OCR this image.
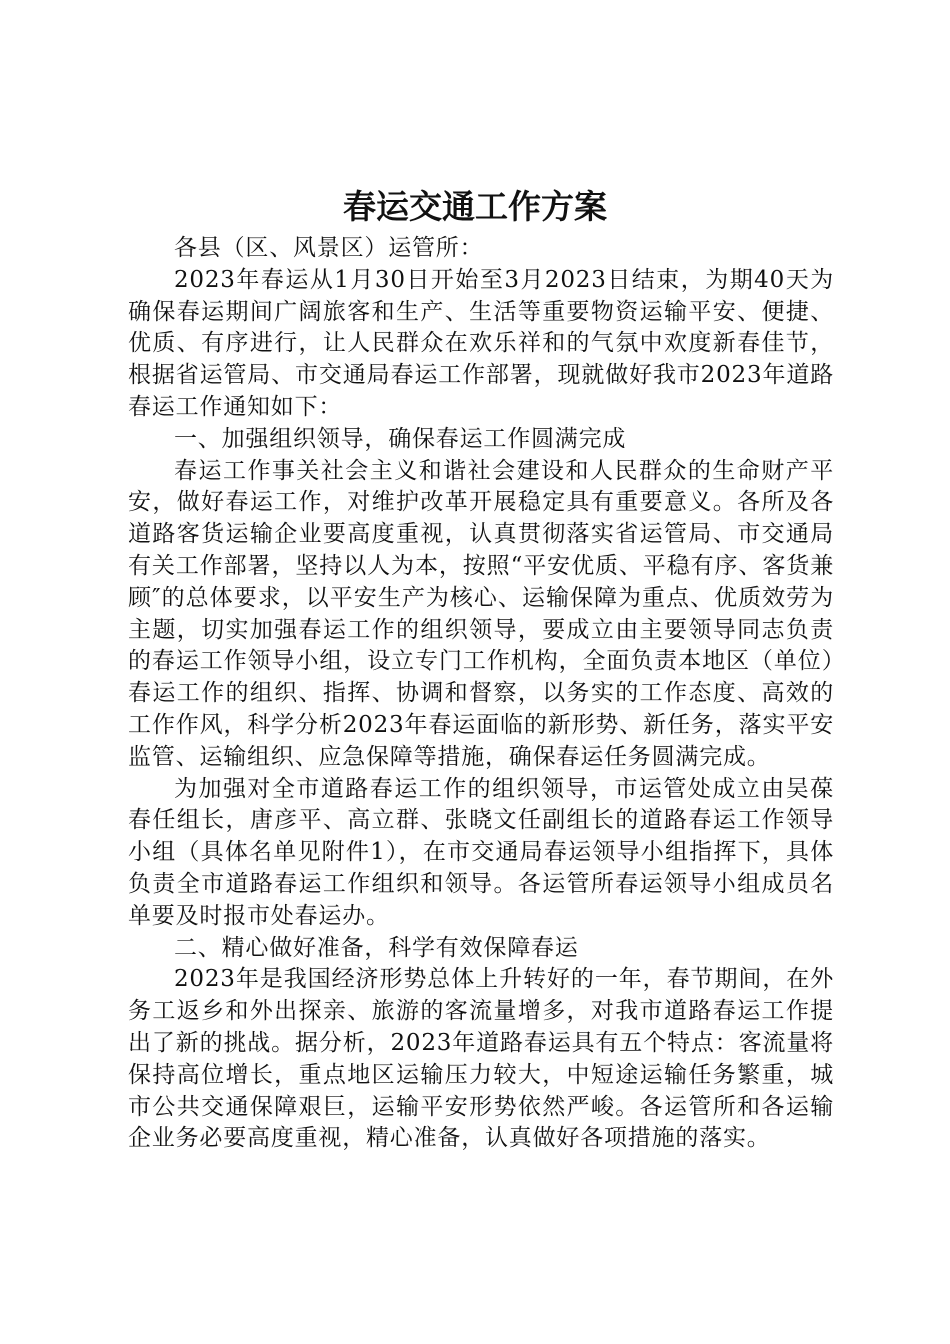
春运交通工作方案

各县（区、风景区）运管所：

2023年春运从1月30日开始至3月2023日结束，为期40天为确保春运期间广阔旅客和生产、生活等重要物资运输平安、便捷、优质、有序进行，让人民群众在欢乐祥和的气氛中欢度新春佳节，根据省运管局、市交通局春运工作部署，现就做好我市2023年道路春运工作通知如下：

一、加强组织领导，确保春运工作圆满完成

春运工作事关社会主义和谐社会建设和人民群众的生命财产平安，做好春运工作，对维护改革开展稳定具有重要意义。各所及各道路客货运输企业要高度重视，认真贯彻落实省运管局、市交通局有关工作部署，坚持以人为本，按照“平安优质、平稳有序、客货兼顾″的总体要求，以平安生产为核心、运输保障为重点、优质效劳为主题，切实加强春运工作的组织领导，要成立由主要领导同志负责的春运工作领导小组，设立专门工作机构，全面负责本地区（单位）春运工作的组织、指挥、协调和督察，以务实的工作态度、高效的工作作风，科学分析2023年春运面临的新形势、新任务，落实平安监管、运输组织、应急保障等措施，确保春运任务圆满完成。

为加强对全市道路春运工作的组织领导，市运管处成立由吴葆春任组长，唐彦平、高立群、张晓文任副组长的道路春运工作领导小组（具体名单见附件1），在市交通局春运领导小组指挥下，具体负责全市道路春运工作组织和领导。各运管所春运领导小组成员名单要及时报市处春运办。

二、精心做好准备，科学有效保障春运

2023年是我国经济形势总体上升转好的一年，春节期间，在外务工返乡和外出探亲、旅游的客流量增多，对我市道路春运工作提出了新的挑战。据分析，2023年道路春运具有五个特点：客流量将保持高位增长，重点地区运输压力较大，中短途运输任务繁重，城市公共交通保障艰巨，运输平安形势依然严峻。各运管所和各运输企业务必要高度重视，精心准备，认真做好各项措施的落实。
